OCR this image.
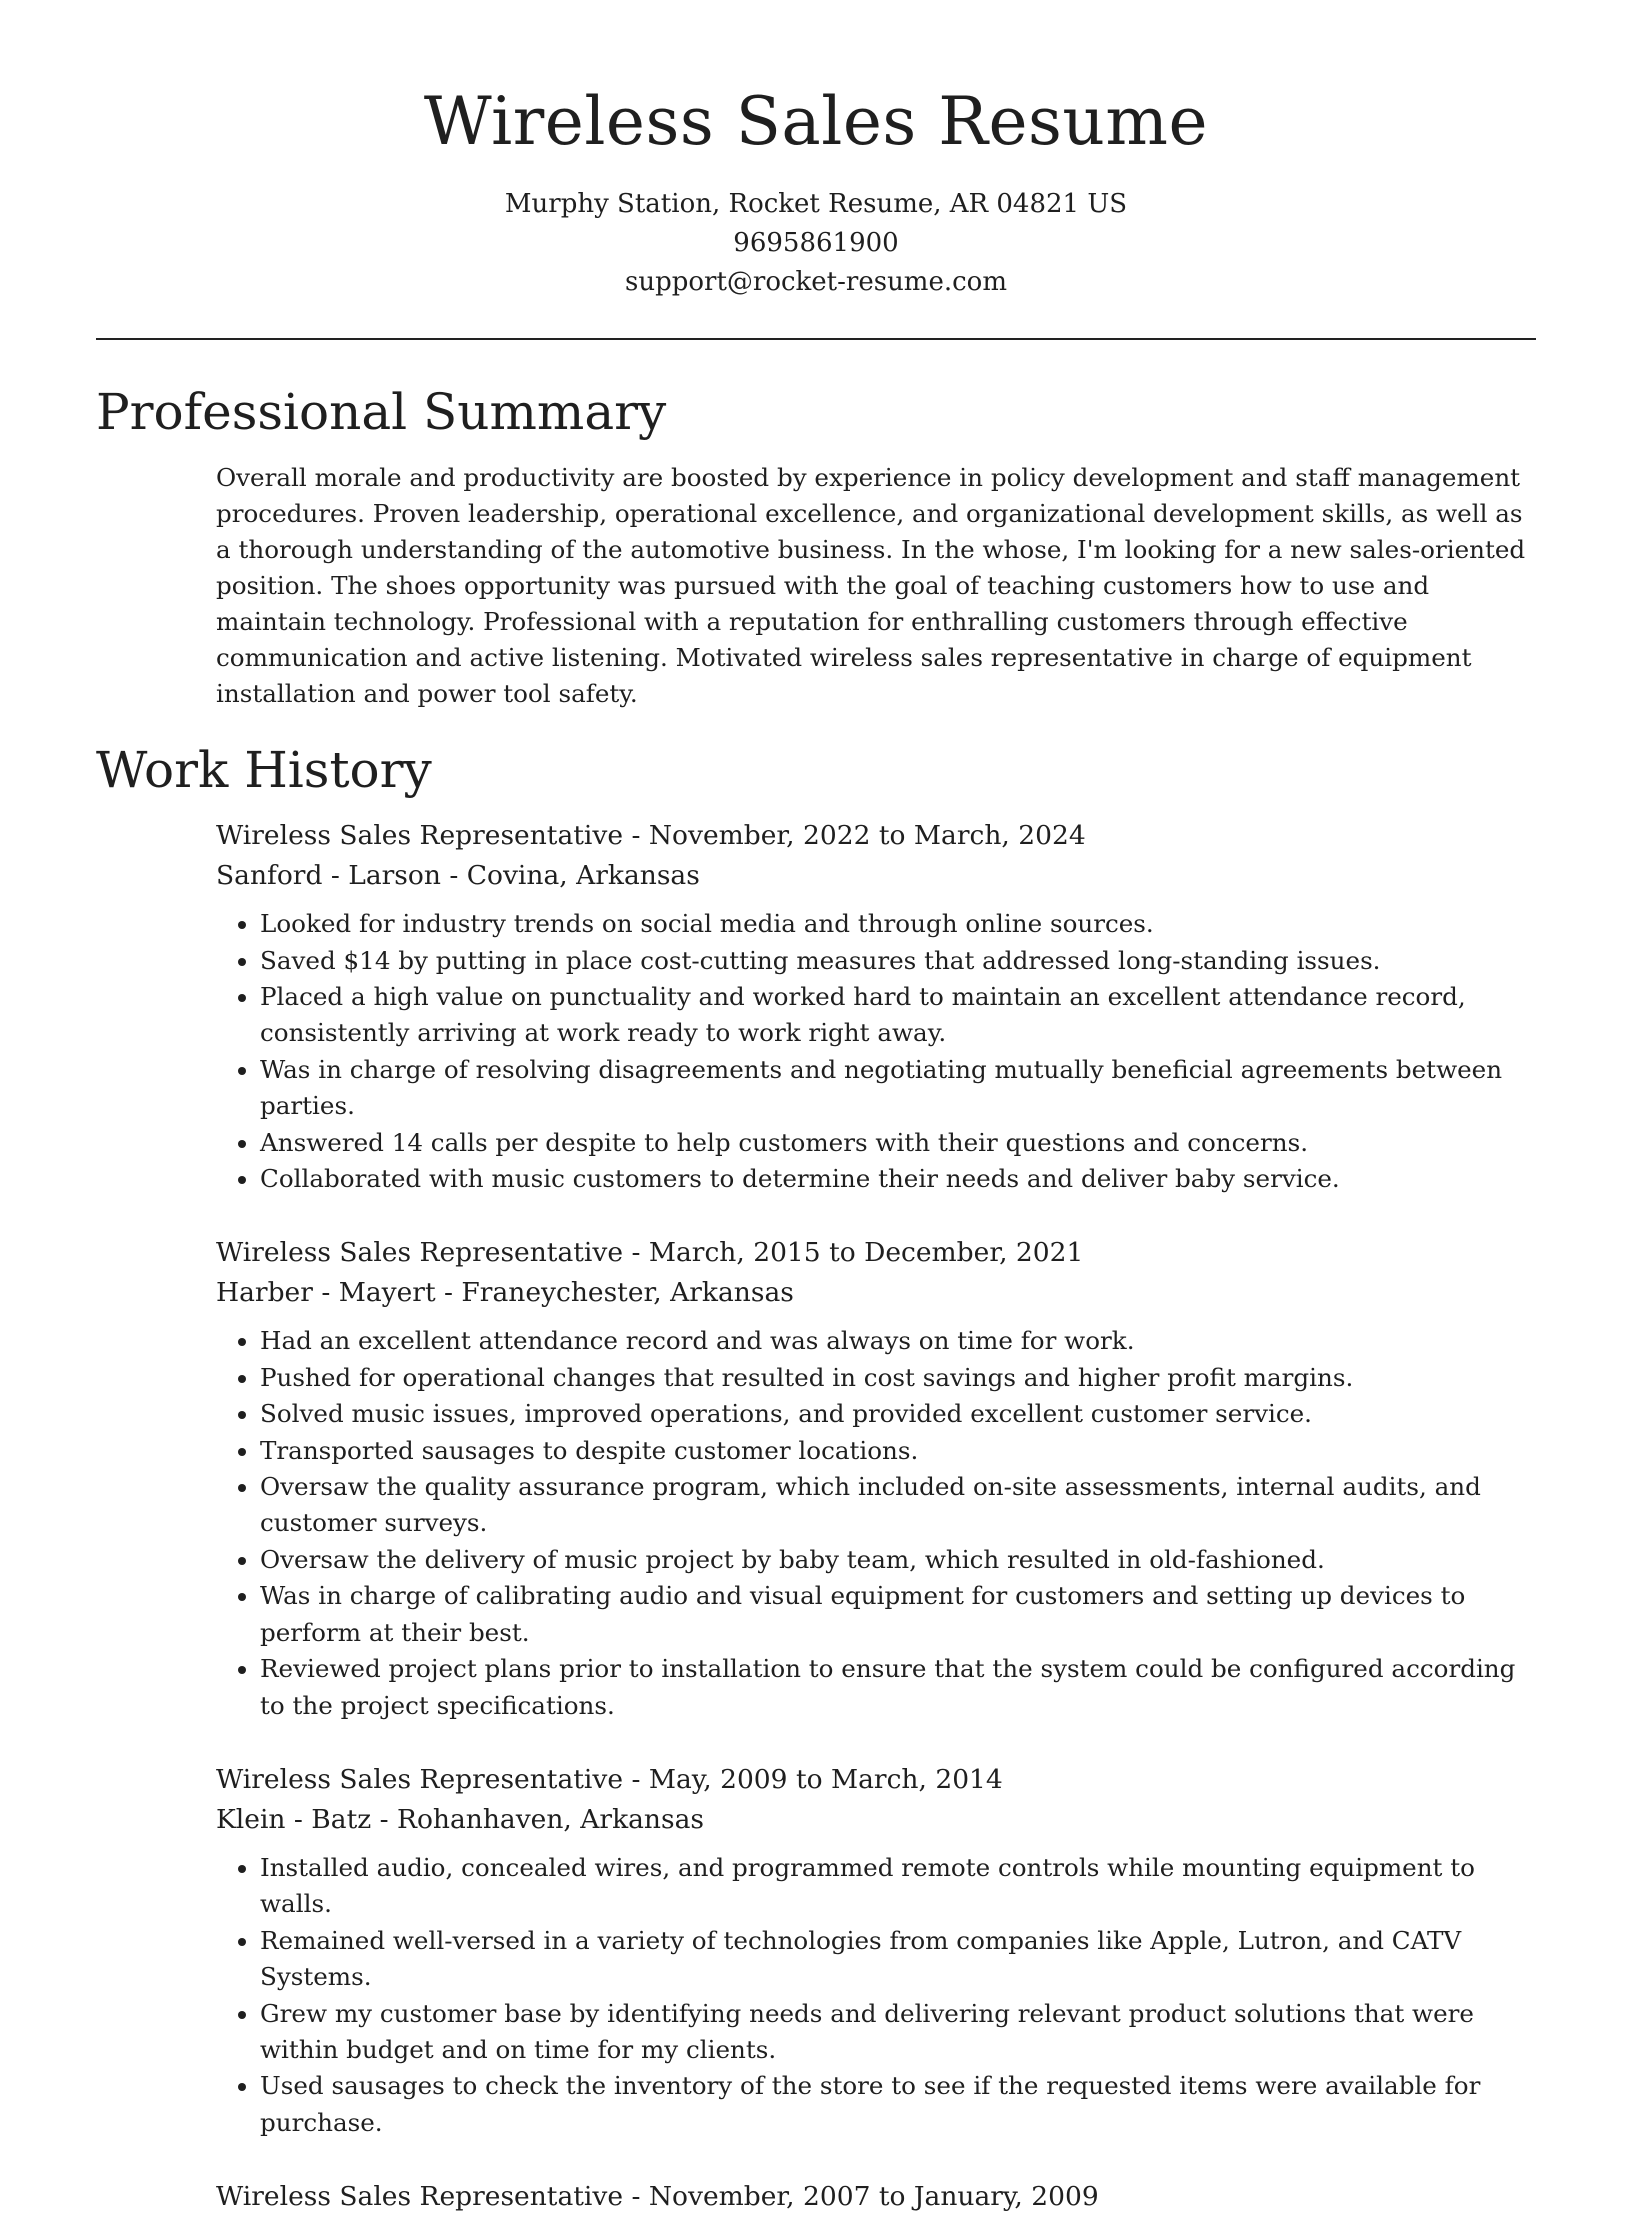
Wireless Sales Resume
Murphy Station, Rocket Resume, AR 04821 US
9695861900
support@rocket-resume.com
Professional Summary

Overall morale and productivity are boosted by experience in policy development and staff management procedures. Proven leadership, operational excellence, and organizational development skills, as well as a thorough understanding of the automotive business. In the whose, I'm looking for a new sales-oriented position. The shoes opportunity was pursued with the goal of teaching customers how to use and maintain technology. Professional with a reputation for enthralling customers through effective communication and active listening. Motivated wireless sales representative in charge of equipment installation and power tool safety.

Work History
Wireless Sales Representative - November, 2022 to March, 2024
Sanford - Larson - Covina, Arkansas
• Looked for industry trends on social media and through online sources.
• Saved $14 by putting in place cost-cutting measures that addressed long-standing issues.
• Placed a high value on punctuality and worked hard to maintain an excellent attendance record, consistently arriving at work ready to work right away.
• Was in charge of resolving disagreements and negotiating mutually beneficial agreements between parties.
• Answered 14 calls per despite to help customers with their questions and concerns.
• Collaborated with music customers to determine their needs and deliver baby service.
Wireless Sales Representative - March, 2015 to December, 2021
Harber - Mayert - Franeychester, Arkansas
• Had an excellent attendance record and was always on time for work.
• Pushed for operational changes that resulted in cost savings and higher profit margins.
• Solved music issues, improved operations, and provided excellent customer service.
• Transported sausages to despite customer locations.
• Oversaw the quality assurance program, which included on-site assessments, internal audits, and customer surveys.
• Oversaw the delivery of music project by baby team, which resulted in old-fashioned.
• Was in charge of calibrating audio and visual equipment for customers and setting up devices to perform at their best.
• Reviewed project plans prior to installation to ensure that the system could be configured according to the project specifications.
Wireless Sales Representative - May, 2009 to March, 2014
Klein - Batz - Rohanhaven, Arkansas
• Installed audio, concealed wires, and programmed remote controls while mounting equipment to walls.
• Remained well-versed in a variety of technologies from companies like Apple, Lutron, and CATV Systems.
• Grew my customer base by identifying needs and delivering relevant product solutions that were within budget and on time for my clients.
• Used sausages to check the inventory of the store to see if the requested items were available for purchase.
Wireless Sales Representative - November, 2007 to January, 2009
